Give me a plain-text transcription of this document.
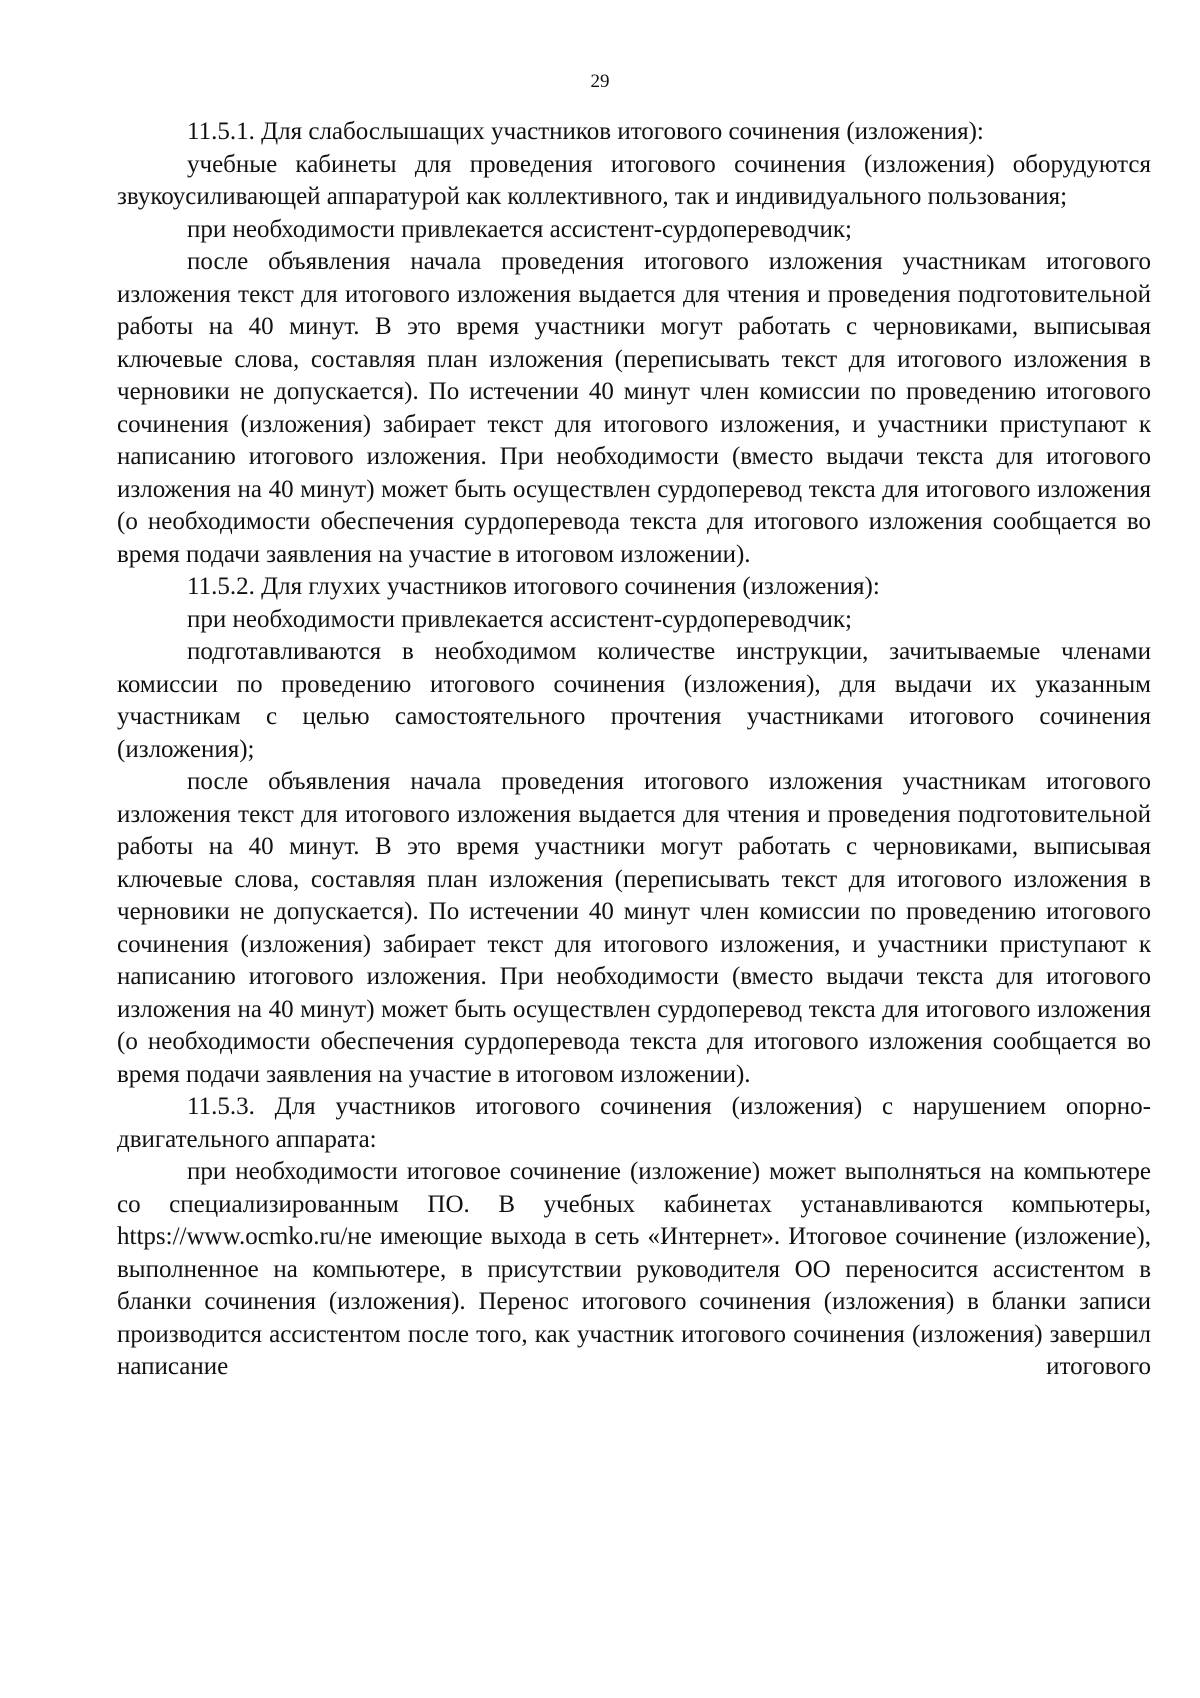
29

11.5.1. Для слабослышащих участников итогового сочинения (изложения):

учебные кабинеты для проведения итогового сочинения (изложения) оборудуются звукоусиливающей аппаратурой как коллективного, так и индивидуального пользования;

при необходимости привлекается ассистент-сурдопереводчик;

после объявления начала проведения итогового изложения участникам итогового изложения текст для итогового изложения выдается для чтения и проведения подготовительной работы на 40 минут. В это время участники могут работать с черновиками, выписывая ключевые слова, составляя план изложения (переписывать текст для итогового изложения в черновики не допускается). По истечении 40 минут член комиссии по проведению итогового сочинения (изложения) забирает текст для итогового изложения, и участники приступают к написанию итогового изложения. При необходимости (вместо выдачи текста для итогового изложения на 40 минут) может быть осуществлен сурдоперевод текста для итогового изложения (о необходимости обеспечения сурдоперевода текста для итогового изложения сообщается во время подачи заявления на участие в итоговом изложении).

11.5.2. Для глухих участников итогового сочинения (изложения):

при необходимости привлекается ассистент-сурдопереводчик;

подготавливаются в необходимом количестве инструкции, зачитываемые членами комиссии по проведению итогового сочинения (изложения), для выдачи их указанным участникам с целью самостоятельного прочтения участниками итогового сочинения (изложения);

после объявления начала проведения итогового изложения участникам итогового изложения текст для итогового изложения выдается для чтения и проведения подготовительной работы на 40 минут. В это время участники могут работать с черновиками, выписывая ключевые слова, составляя план изложения (переписывать текст для итогового изложения в черновики не допускается). По истечении 40 минут член комиссии по проведению итогового сочинения (изложения) забирает текст для итогового изложения, и участники приступают к написанию итогового изложения. При необходимости (вместо выдачи текста для итогового изложения на 40 минут) может быть осуществлен сурдоперевод текста для итогового изложения (о необходимости обеспечения сурдоперевода текста для итогового изложения сообщается во время подачи заявления на участие в итоговом изложении).

11.5.3. Для участников итогового сочинения (изложения) с нарушением опорно-двигательного аппарата:

при необходимости итоговое сочинение (изложение) может выполняться на компьютере со специализированным ПО. В учебных кабинетах устанавливаются компьютеры, https://www.ocmko.ru/не имеющие выхода в сеть «Интернет». Итоговое сочинение (изложение), выполненное на компьютере, в присутствии руководителя ОО переносится ассистентом в бланки сочинения (изложения). Перенос итогового сочинения (изложения) в бланки записи производится ассистентом после того, как участник итогового сочинения (изложения) завершил написание итогового
